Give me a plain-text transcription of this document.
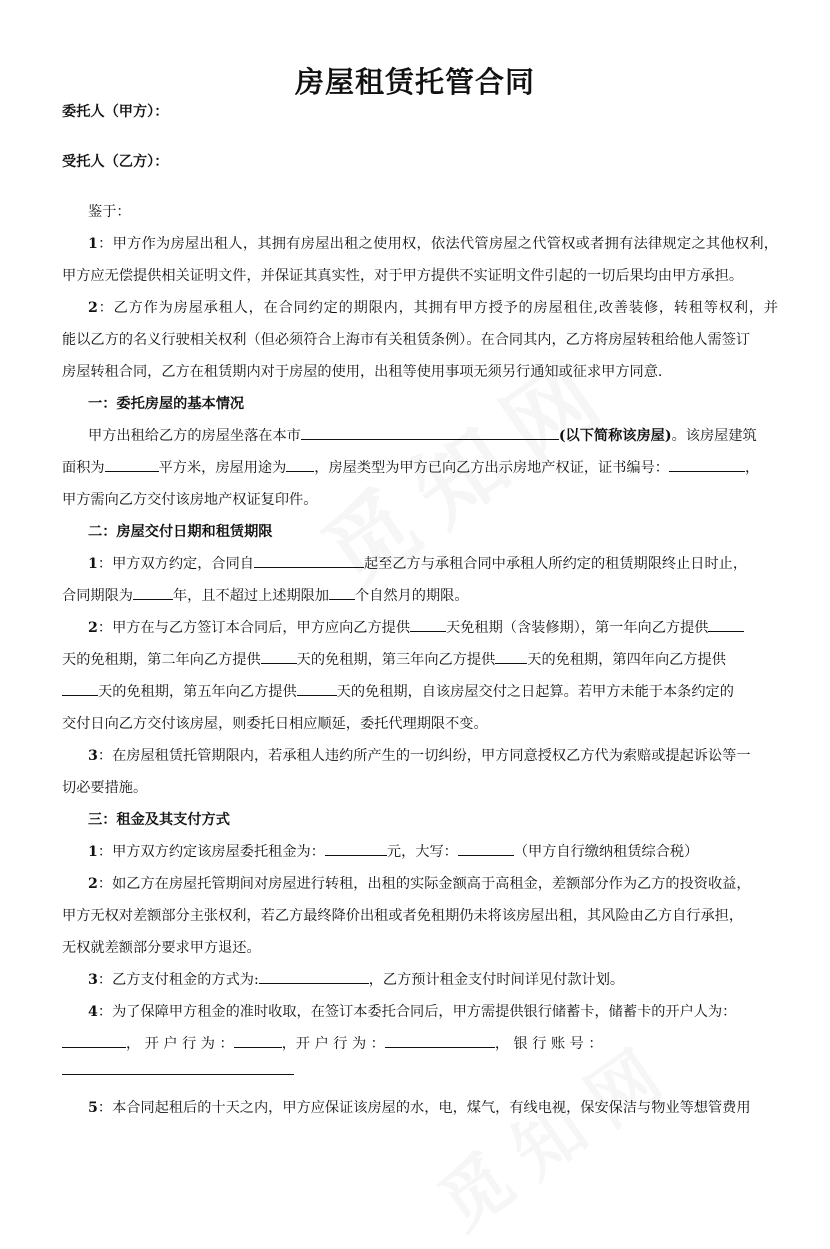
房屋租赁托管合同
委托人（甲方）：
受托人（乙方）：
鉴于：
1：甲方作为房屋出租人，其拥有房屋出租之使用权，依法代管房屋之代管权或者拥有法律规定之其他权利，
甲方应无偿提供相关证明文件，并保证其真实性，对于甲方提供不实证明文件引起的一切后果均由甲方承担。
2：乙方作为房屋承租人，在合同约定的期限内，其拥有甲方授予的房屋租住,改善装修，转租等权利，并
能以乙方的名义行驶相关权利（但必须符合上海市有关租赁条例）。在合同其内，乙方将房屋转租给他人需签订
房屋转租合同，乙方在租赁期内对于房屋的使用，出租等使用事项无须另行通知或征求甲方同意.
一：委托房屋的基本情况
甲方出租给乙方的房屋坐落在本市	(以下简称该房屋)。该房屋建筑
面积为	平方米，房屋用途为 ，房屋类型为甲方已向乙方出示房地产权证，证书编号：	，
甲方需向乙方交付该房地产权证复印件。
二：房屋交付日期和租赁期限
1：甲方双方约定，合同自	起至乙方与承租合同中承租人所约定的租赁期限终止日时止，
合同期限为	年，且不超过上述期限加 个自然月的期限。
2：甲方在与乙方签订本合同后，甲方应向乙方提供	天免租期（含装修期），第一年向乙方提供
天的免租期，第二年向乙方提供	天的免租期，第三年向乙方提供 天的免租期，第四年向乙方提供
天的免租期，第五年向乙方提供	天的免租期，自该房屋交付之日起算。若甲方未能于本条约定的
交付日向乙方交付该房屋，则委托日相应顺延，委托代理期限不变。
3：在房屋租赁托管期限内，若承租人违约所产生的一切纠纷，甲方同意授权乙方代为索赔或提起诉讼等一
切必要措施。
三：租金及其支付方式
1：甲方双方约定该房屋委托租金为：	元，大写：	（甲方自行缴纳租赁综合税）
2：如乙方在房屋托管期间对房屋进行转租，出租的实际金额高于高租金，差额部分作为乙方的投资收益，
甲方无权对差额部分主张权利，若乙方最终降价出租或者免租期仍未将该房屋出租，其风险由乙方自行承担，
无权就差额部分要求甲方退还。
3：乙方支付租金的方式为:	，乙方预计租金支付时间详见付款计划。
4：为了保障甲方租金的准时收取，在签订本委托合同后，甲方需提供银行储蓄卡，储蓄卡的开户人为：
， 开 户 行 为 ：	，开 户 行 为 ：	， 银 行 账 号 ：
5：本合同起租后的十天之内，甲方应保证该房屋的水，电，煤气，有线电视，保安保洁与物业等想管费用
